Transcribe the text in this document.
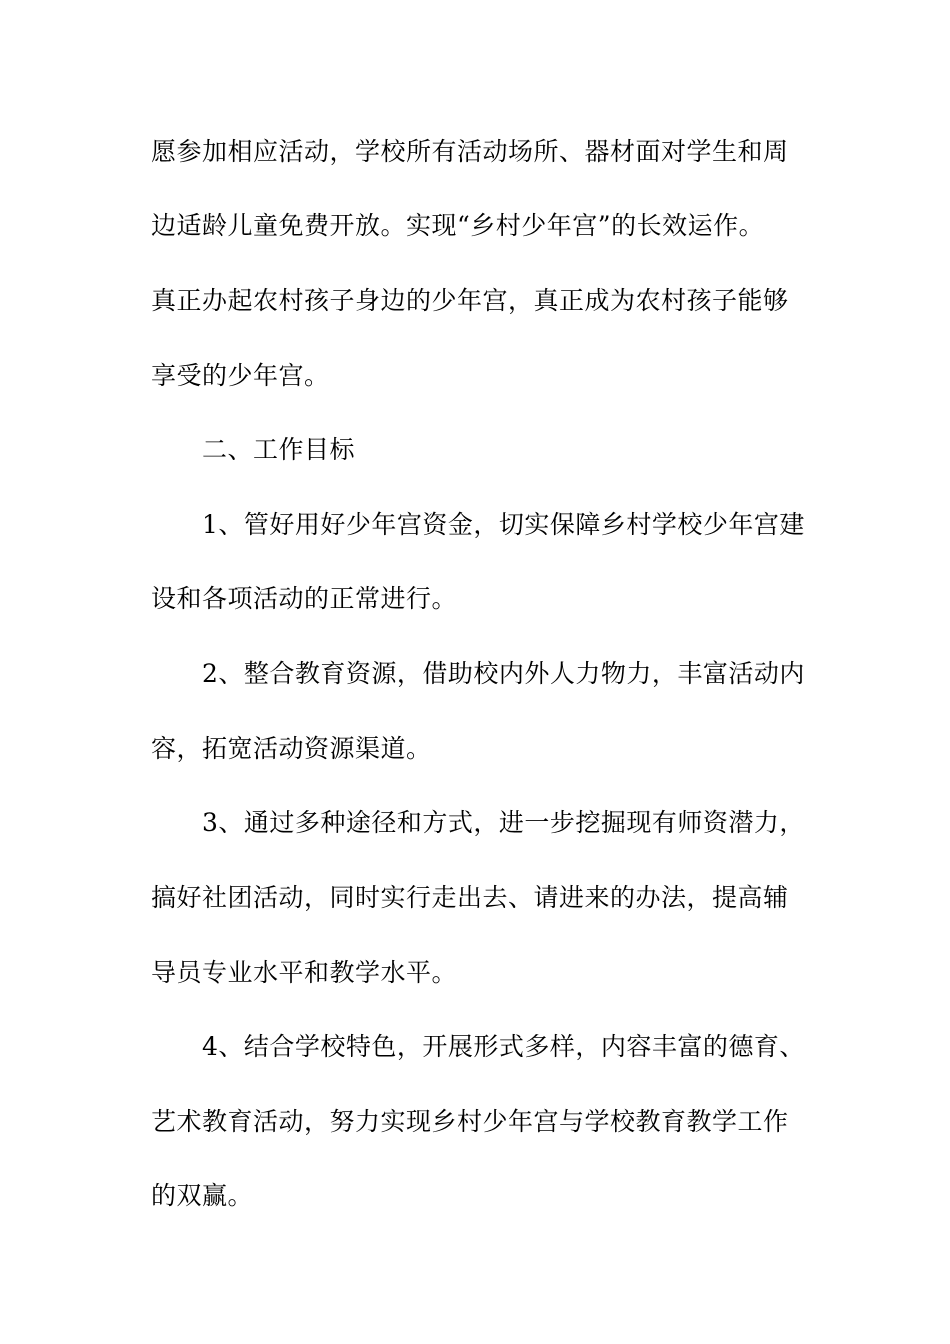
愿参加相应活动，学校所有活动场所、器材面对学生和周
边适龄儿童免费开放。实现“乡村少年宫”的长效运作。
真正办起农村孩子身边的少年宫，真正成为农村孩子能够
享受的少年宫。
二、工作目标
1、管好用好少年宫资金，切实保障乡村学校少年宫建
设和各项活动的正常进行。
2、整合教育资源，借助校内外人力物力，丰富活动内
容，拓宽活动资源渠道。
3、通过多种途径和方式，进一步挖掘现有师资潜力，
搞好社团活动，同时实行走出去、请进来的办法，提高辅
导员专业水平和教学水平。
4、结合学校特色，开展形式多样，内容丰富的德育、
艺术教育活动，努力实现乡村少年宫与学校教育教学工作
的双赢。
